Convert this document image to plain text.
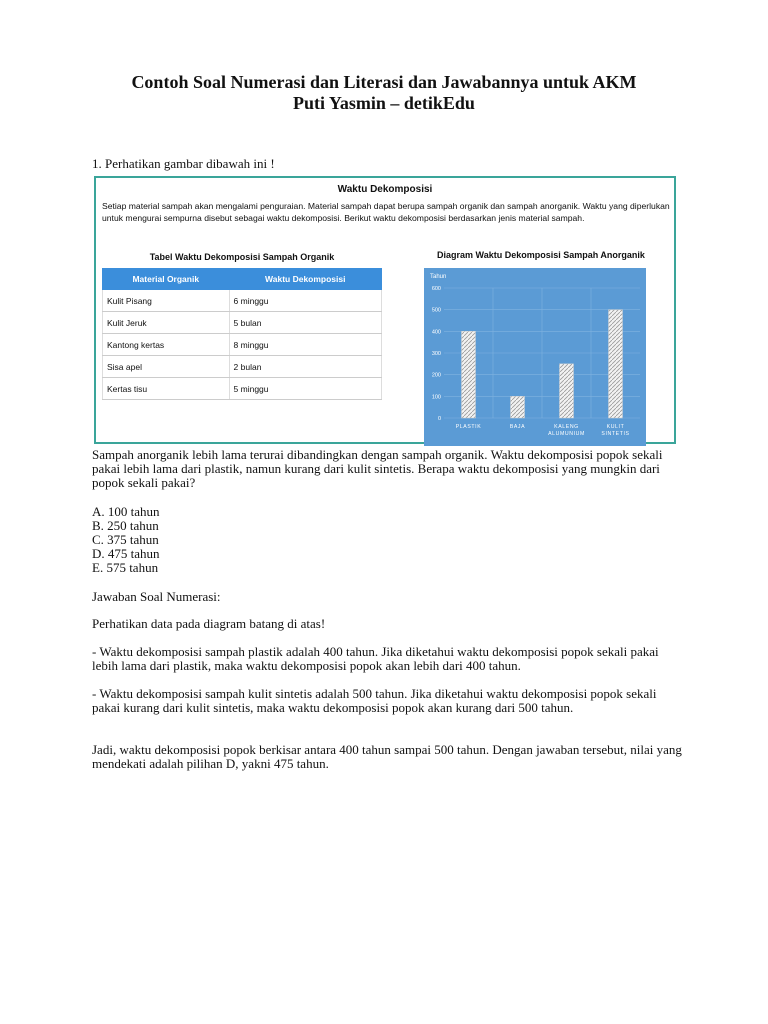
Contoh Soal Numerasi dan Literasi dan Jawabannya untuk AKM
Puti Yasmin – detikEdu
1. Perhatikan gambar dibawah ini !
Waktu Dekomposisi
Setiap material sampah akan mengalami penguraian. Material sampah dapat berupa sampah organik dan sampah anorganik. Waktu yang diperlukan untuk mengurai sempurna disebut sebagai waktu dekomposisi. Berikut waktu dekomposisi berdasarkan jenis material sampah.
Tabel Waktu Dekomposisi Sampah Organik
Material Organik	Waktu Dekomposisi
Kulit Pisang	6 minggu
Kulit Jeruk	5 bulan
Kantong kertas	8 minggu
Sisa apel	2 bulan
Kertas tisu	5 minggu
Diagram Waktu Dekomposisi Sampah Anorganik
Tahun
0
100
200
300
400
500
600
PLASTIK	BAJA	KALENG
ALUMUNIUM
KULIT
SINTETIS
Sampah anorganik lebih lama terurai dibandingkan dengan sampah organik. Waktu dekomposisi popok sekali pakai lebih lama dari plastik, namun kurang dari kulit sintetis. Berapa waktu dekomposisi yang mungkin dari popok sekali pakai?
A. 100 tahun
B. 250 tahun
C. 375 tahun
D. 475 tahun
E. 575 tahun
Jawaban Soal Numerasi:
Perhatikan data pada diagram batang di atas!
- Waktu dekomposisi sampah plastik adalah 400 tahun. Jika diketahui waktu dekomposisi popok sekali pakai lebih lama dari plastik, maka waktu dekomposisi popok akan lebih dari 400 tahun.
- Waktu dekomposisi sampah kulit sintetis adalah 500 tahun. Jika diketahui waktu dekomposisi popok sekali pakai kurang dari kulit sintetis, maka waktu dekomposisi popok akan kurang dari 500 tahun.
Jadi, waktu dekomposisi popok berkisar antara 400 tahun sampai 500 tahun. Dengan jawaban tersebut, nilai yang mendekati adalah pilihan D, yakni 475 tahun.
